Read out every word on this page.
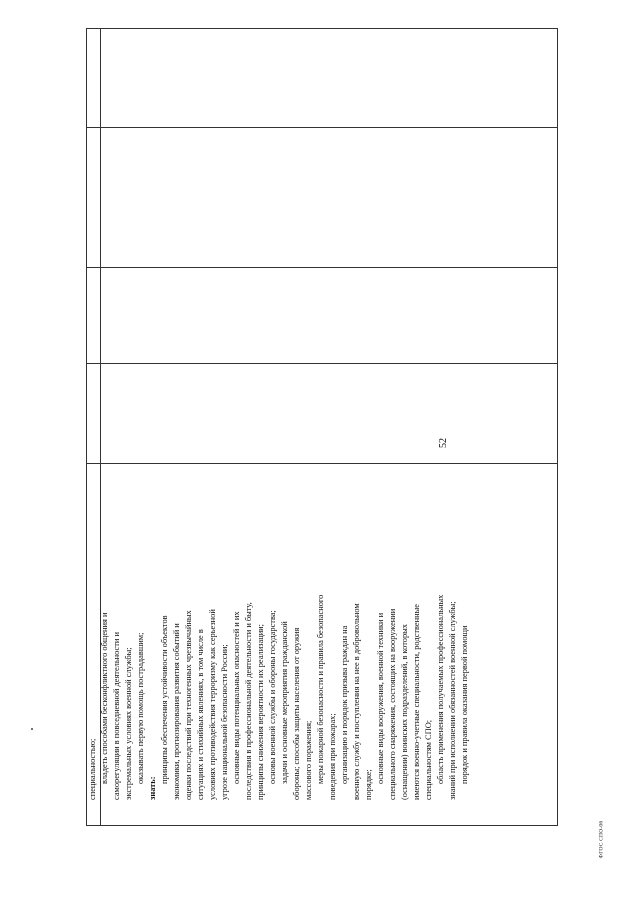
52

специальностью; владеть способами бесконфликтного общения и саморегуляции в повседневной деятельности и экстремальных условиях военной службы; оказывать первую помощь пострадавшим;

знать:

принципы обеспечения устойчивости объектов экономики, прогнозирования развития событий и оценки последствий при техногенных чрезвычайных ситуациях и стихийных явлениях, в том числе в условиях противодействия терроризму как серьезной угрозе национальной безопасности России; основные виды потенциальных опасностей и их последствия в профессиональной деятельности и быту, принципы снижения вероятности их реализации; основы военной службы и обороны государства; задачи и основные мероприятия гражданской обороны; способы защиты населения от оружия массового поражения; меры пожарной безопасности и правила безопасного поведения при пожарах; организацию и порядок призыва граждан на военную службу и поступления на нее в добровольном порядке;

основные виды вооружения, военной техники и специального снаряжения, состоящих на вооружении (оснащении) воинских подразделений, в которых имеются военно-учетные специальности, родственные специальностям СПО; область применения получаемых профессиональных знаний при исполнении обязанностей военной службы; порядок и правила оказания первой помощи

ФГОС СПО-06
